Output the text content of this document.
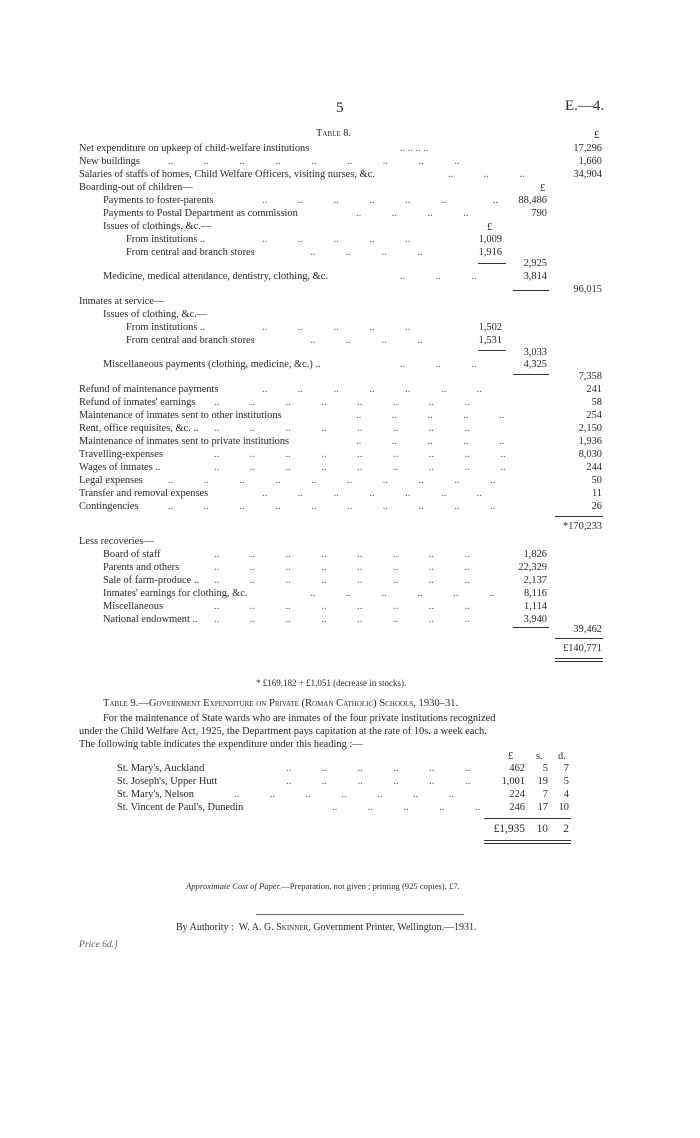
5	E.—4.
Table 8.	£
Net expenditure on upkeep of child-welfare institutions	.. .. .. ..	17,296
New buildings	.. .. .. .. .. .. .. .. ..	1,660
Salaries of staffs of homes, Child Welfare Officers, visiting nurses, &c.	.. .. ..	34,904
Boarding-out of children—	£
Payments to foster-parents	.. .. .. .. .. ..	..	88,486
Payments to Postal Department as commission	.. .. .. ..	790
Issues of clothings, &c.—	£
From institutions ..	.. .. .. .. ..	1,009
From central and branch stores	.. .. .. ..	1,916
2,925
Medicine, medical attendance, dentistry, clothing, &c.	.. .. ..	3,814
96,015
Inmates at service—
Issues of clothing, &c.—
From institutions ..	.. .. .. .. ..	1,502
From central and branch stores	.. .. .. ..	1,531
3,033
Miscellaneous payments (clothing, medicine, &c.) ..	.. .. ..	4,325
7,358
Refund of maintenance payments	.. .. .. .. .. .. ..	241
Refund of inmates' earnings .. .. .. .. .. .. .. ..	58
Maintenance of inmates sent to other institutions	.. .. .. .. ..	254
Rent, office requisites, &c. .. .. .. .. .. .. .. .. ..	2,150
Maintenance of inmates sent to private institutions	.. .. .. .. ..	1,936
Travelling-expenses	.. .. .. .. .. .. .. .. ..	8,030
Wages of inmates ..	.. .. .. .. .. .. .. .. ..	244
Legal expenses .. .. .. .. .. .. .. .. .. ..	50
Transfer and removal expenses	.. .. .. .. .. .. ..	11
Contingencies	.. .. .. .. .. .. .. .. .. ..	26
*170,233
Less recoveries—
Board of staff	.. .. .. .. .. .. .. ..	1,826
Parents and others	.. .. .. .. .. .. .. ..	22,329
Sale of farm-produce .. .. .. .. .. .. .. .. ..	2,137
Inmates' earnings for clothing, &c.	.. .. .. .. .. ..	8,116
Miscellaneous	.. .. .. .. .. .. .. ..	1,114
National endowment .. .. .. .. .. .. .. .. ..	3,940
39,462
£140,771
* £169,182 + £1,051 (decrease in stocks).
Table 9.—Government Expenditure on Private (Roman Catholic) Schools, 1930–31.
For the maintenance of State wards who are inmates of the four private institutions recognized
under the Child Welfare Act, 1925, the Department pays capitation at the rate of 10s. a week each.
The following table indicates the expenditure under this heading :—
£ s. d.
St. Mary's, Auckland	.. .. .. .. .. ..	462	5	7
St. Joseph's, Upper Hutt	.. .. .. .. .. ..	1,001	19	5
St. Mary's, Nelson	.. .. .. .. .. .. ..	224	7	4
St. Vincent de Paul's, Dunedin	.. .. .. .. ..	246	17	10
£1,935	10	2
Approximate Cost of Paper.—Preparation, not given ; printing (925 copies), £7.
By Authority : W. A. G. Skinner, Government Printer, Wellington.—1931.
Price 6d.]
